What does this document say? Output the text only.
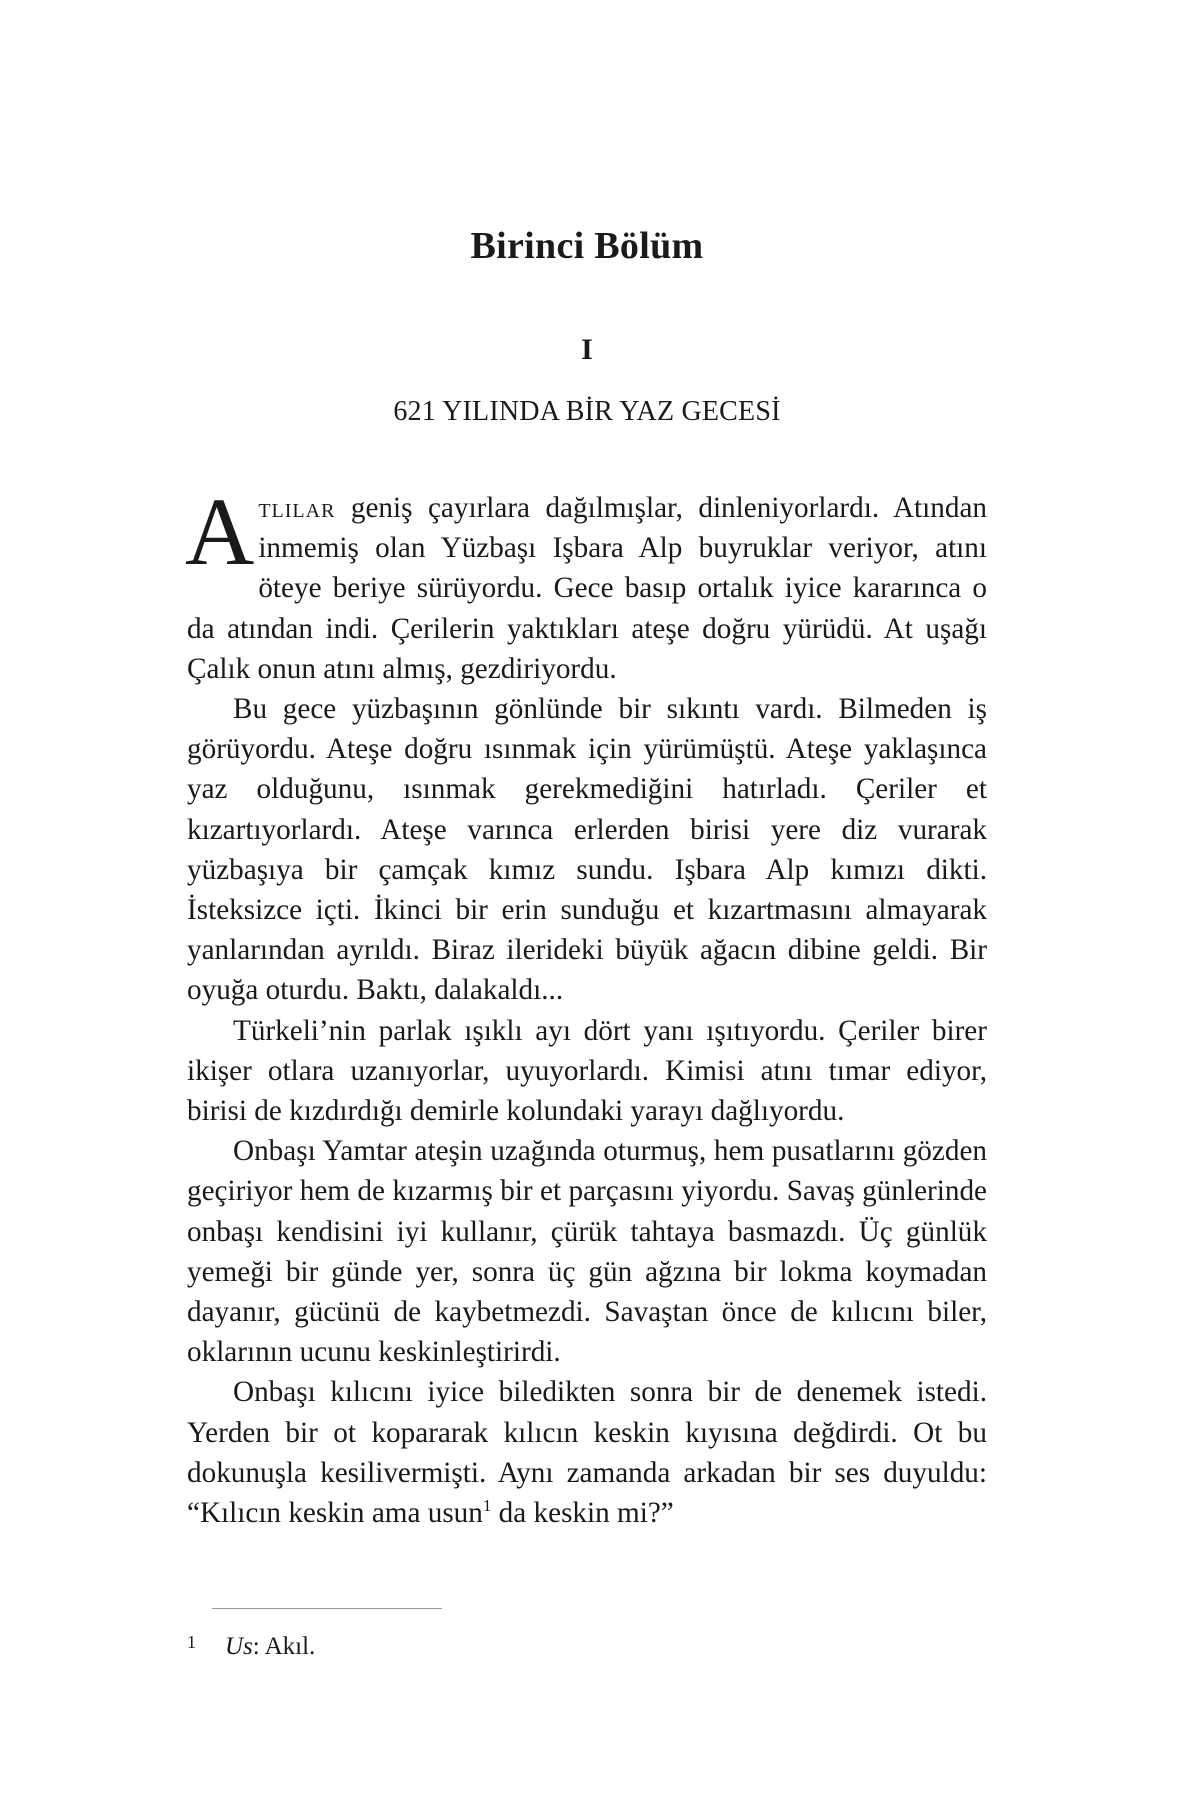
Birinci Bölüm
I
621 YILINDA BİR YAZ GECESİ

Atlılar geniş çayırlara dağılmışlar, dinleniyorlardı. Atından inmemiş olan Yüzbaşı Işbara Alp buyruklar veriyor, atını öteye beriye sürüyordu. Gece basıp ortalık iyice kararınca o da atından indi. Çerilerin yaktıkları ateşe doğru yürüdü. At uşağı Çalık onun atını almış, gezdiriyordu.

Bu gece yüzbaşının gönlünde bir sıkıntı vardı. Bilmeden iş görüyordu. Ateşe doğru ısınmak için yürümüştü. Ateşe yaklaşınca yaz olduğunu, ısınmak gerekmediğini hatırladı. Çeriler et kızartıyorlardı. Ateşe varınca erlerden birisi yere diz vurarak yüzbaşıya bir çamçak kımız sundu. Işbara Alp kımızı dikti. İsteksizce içti. İkinci bir erin sunduğu et kızartmasını almayarak yanlarından ayrıldı. Biraz ilerideki büyük ağacın dibine geldi. Bir oyuğa oturdu. Baktı, dalakaldı...

Türkeli’nin parlak ışıklı ayı dört yanı ışıtıyordu. Çeriler birer ikişer otlara uzanıyorlar, uyuyorlardı. Kimisi atını tımar ediyor, birisi de kızdırdığı demirle kolundaki yarayı dağlıyordu.

Onbaşı Yamtar ateşin uzağında oturmuş, hem pusatlarını gözden geçiriyor hem de kızarmış bir et parçasını yiyordu. Savaş günlerinde onbaşı kendisini iyi kullanır, çürük tahtaya basmazdı. Üç günlük yemeği bir günde yer, sonra üç gün ağzına bir lokma koymadan dayanır, gücünü de kaybetmezdi. Savaştan önce de kılıcını biler, oklarının ucunu keskinleştirirdi.

Onbaşı kılıcını iyice biledikten sonra bir de denemek istedi. Yerden bir ot kopararak kılıcın keskin kıyısına değdirdi. Ot bu dokunuşla kesilivermişti. Aynı zamanda arkadan bir ses duyuldu: “Kılıcın keskin ama usun$^1$ da keskin mi?”

1 Us: Akıl.
